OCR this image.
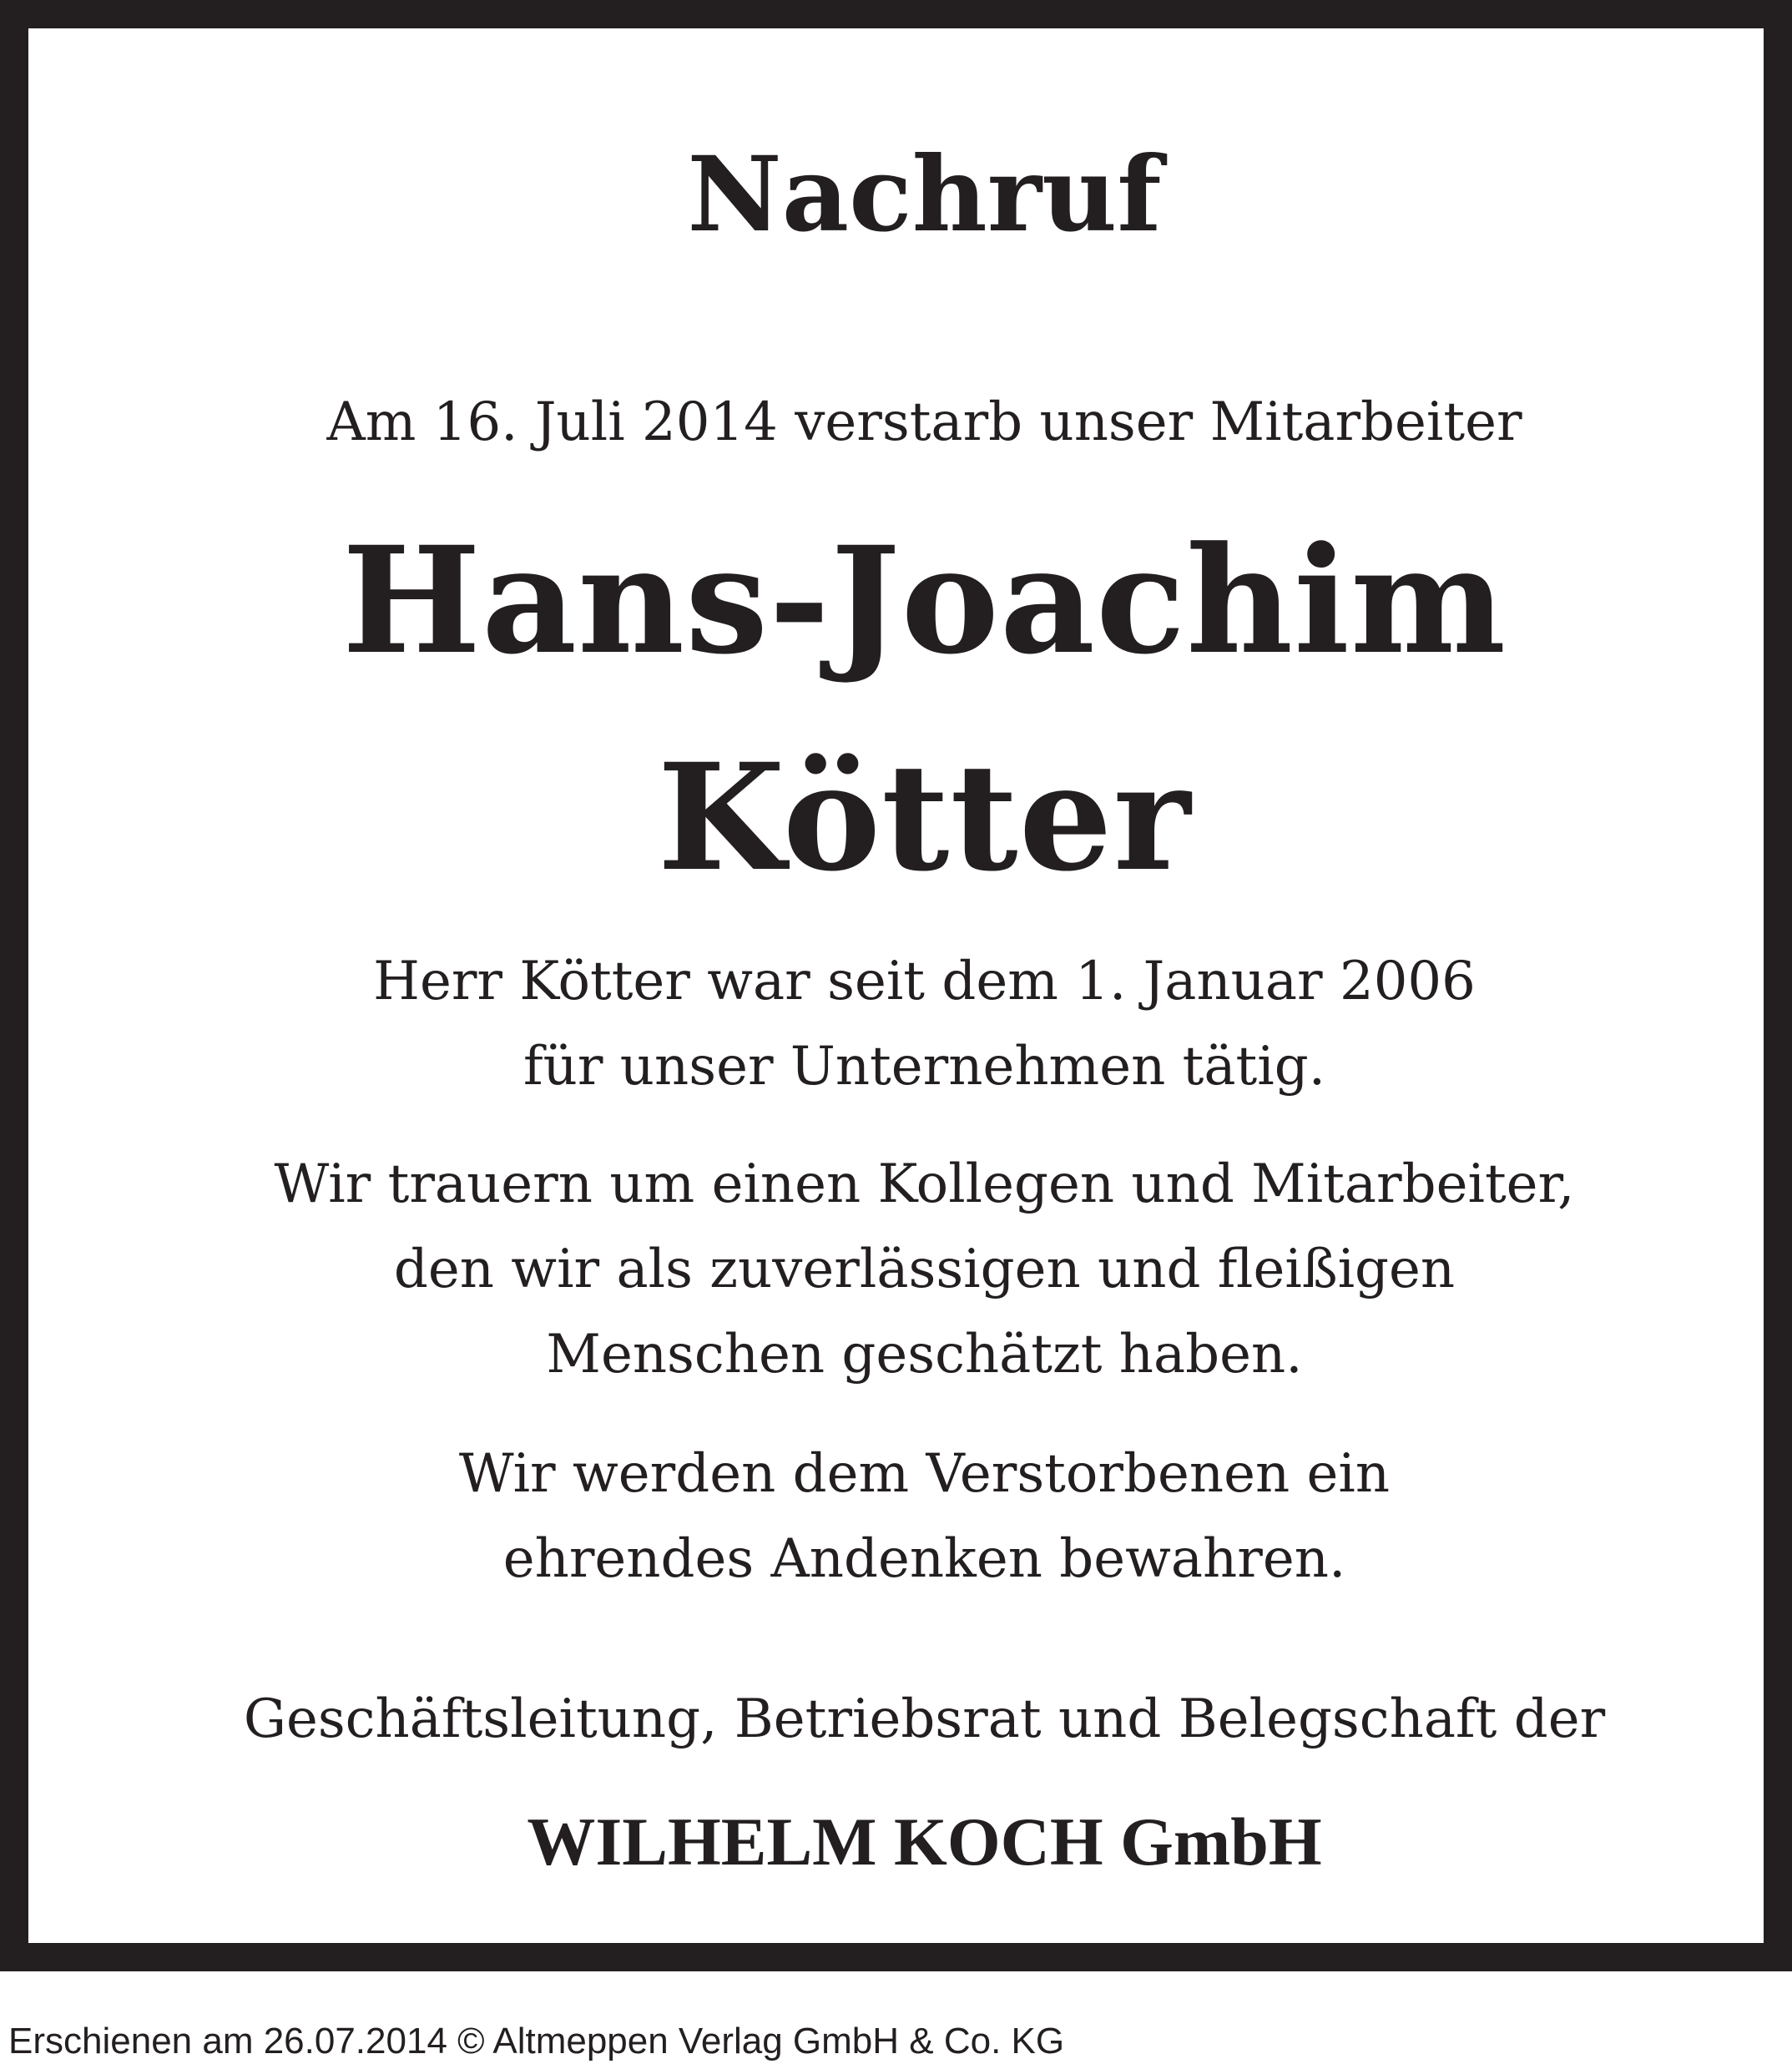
Nachruf
Am 16. Juli 2014 verstarb unser Mitarbeiter
Hans-Joachim
Kötter
Herr Kötter war seit dem 1. Januar 2006
für unser Unternehmen tätig.
Wir trauern um einen Kollegen und Mitarbeiter,
den wir als zuverlässigen und fleißigen
Menschen geschätzt haben.
Wir werden dem Verstorbenen ein
ehrendes Andenken bewahren.
Geschäftsleitung, Betriebsrat und Belegschaft der
WILHELM KOCH GmbH
Erschienen am 26.07.2014 © Altmeppen Verlag GmbH & Co. KG
